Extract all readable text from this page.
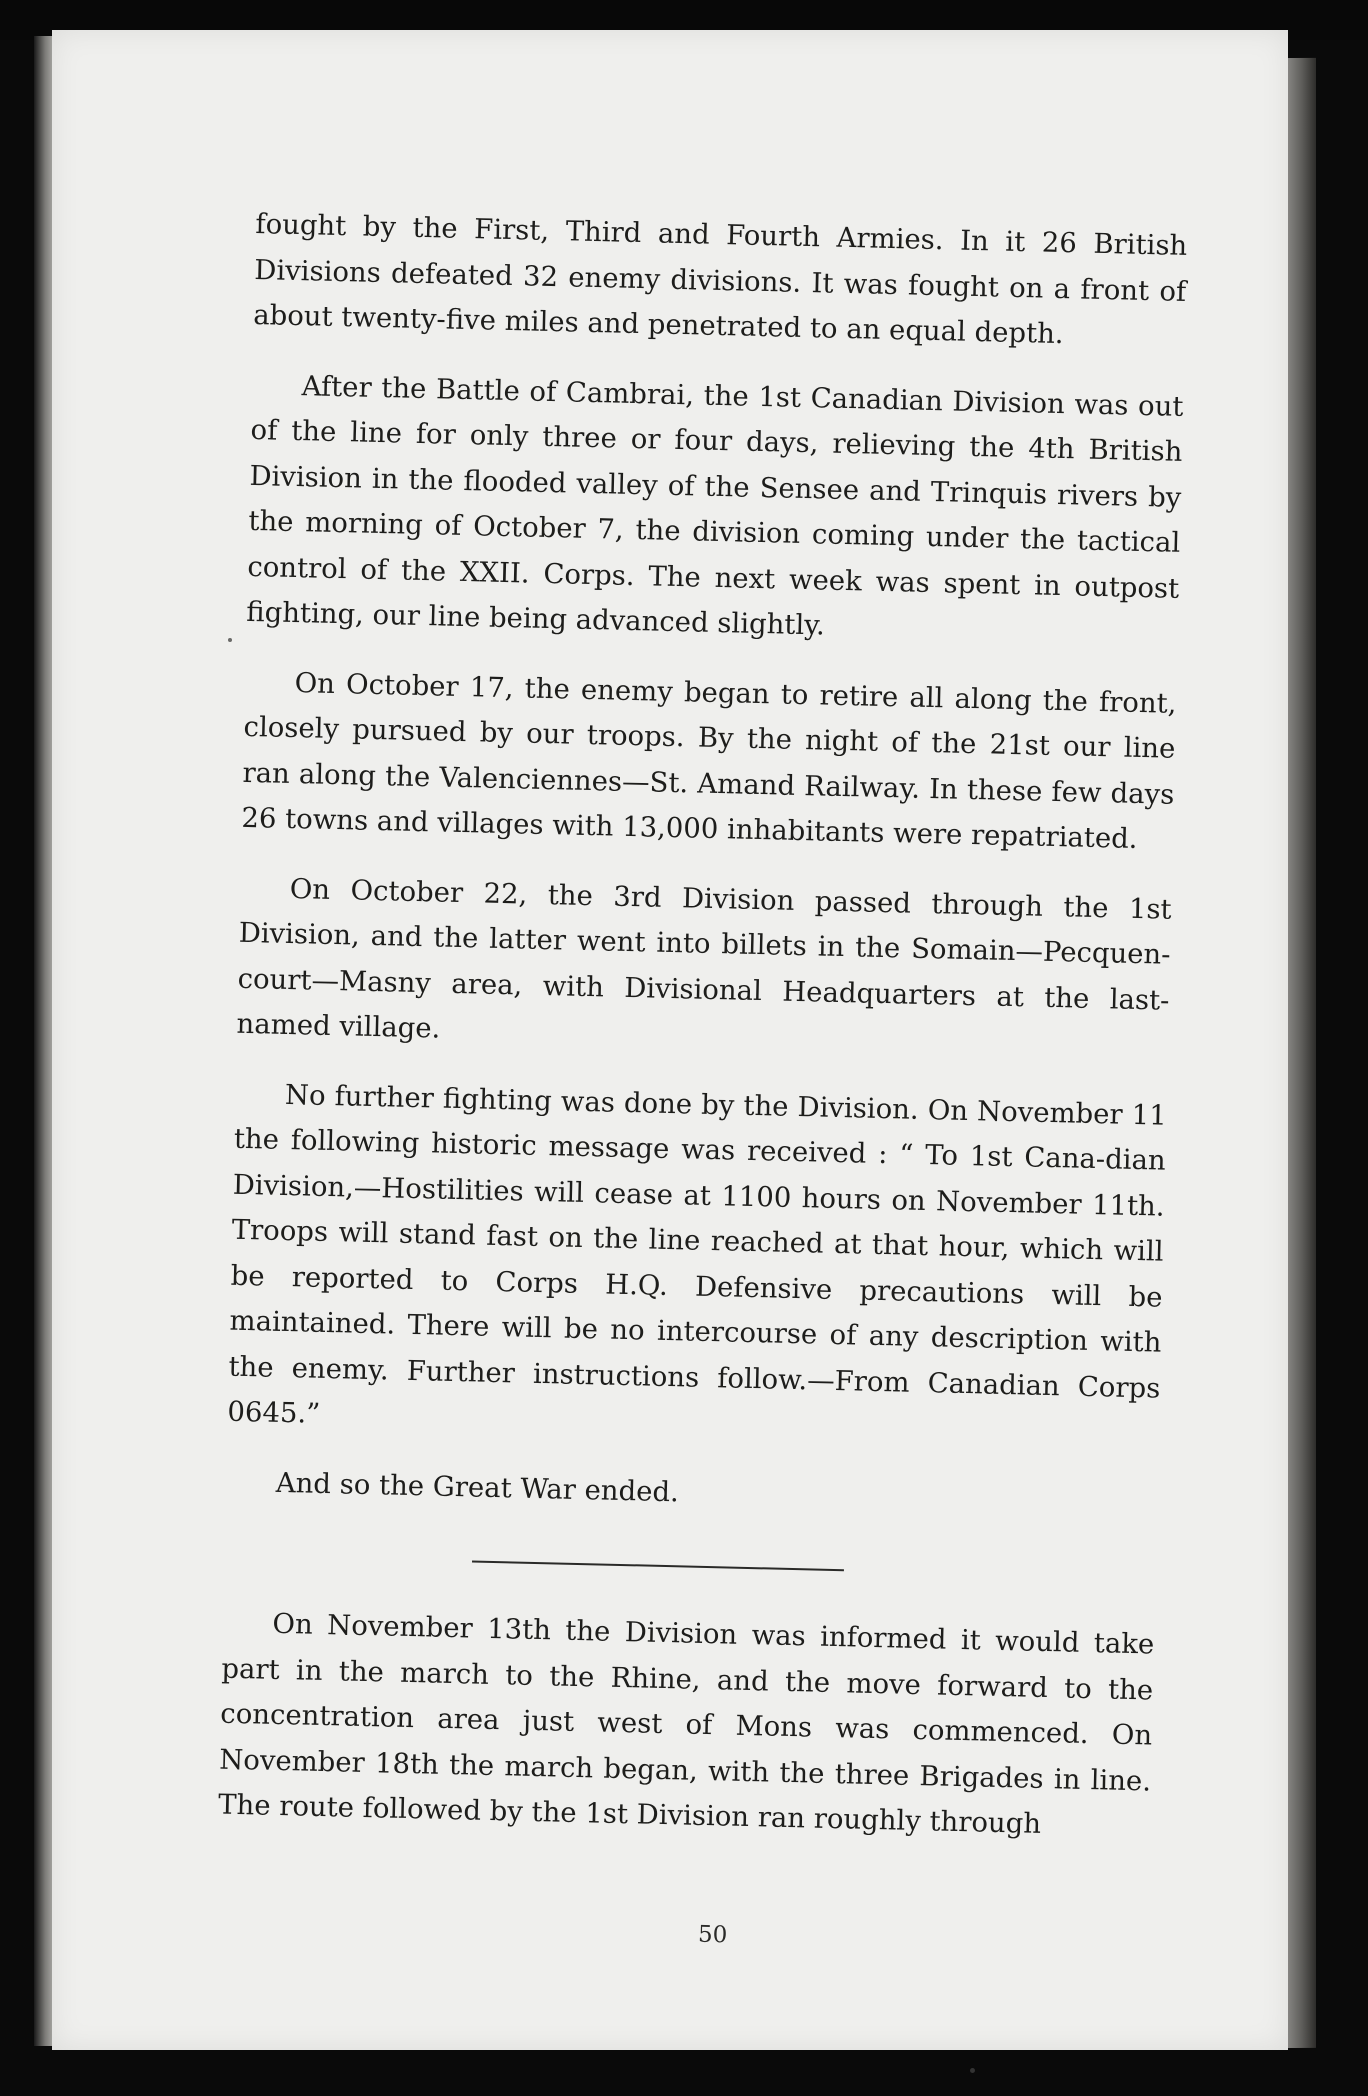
fought by the First, Third and Fourth Armies. In it 26 British Divisions defeated 32 enemy divisions. It was fought on a front of about twenty-five miles and penetrated to an equal depth.

After the Battle of Cambrai, the 1st Canadian Division was out of the line for only three or four days, relieving the 4th British Division in the flooded valley of the Sensee and Trinquis rivers by the morning of October 7, the division coming under the tactical control of the XXII. Corps. The next week was spent in outpost fighting, our line being advanced slightly.

On October 17, the enemy began to retire all along the front, closely pursued by our troops. By the night of the 21st our line ran along the Valenciennes—St. Amand Railway. In these few days 26 towns and villages with 13,000 inhabitants were repatriated.

On October 22, the 3rd Division passed through the 1st Division, and the latter went into billets in the Somain—Pecquen-court—Masny area, with Divisional Headquarters at the last-named village.

No further fighting was done by the Division. On November 11 the following historic message was received : “ To 1st Cana-dian Division,—Hostilities will cease at 1100 hours on November 11th. Troops will stand fast on the line reached at that hour, which will be reported to Corps H.Q. Defensive precautions will be maintained. There will be no intercourse of any description with the enemy. Further instructions follow.—From Canadian Corps 0645.”

And so the Great War ended.

On November 13th the Division was informed it would take part in the march to the Rhine, and the move forward to the concentration area just west of Mons was commenced. On November 18th the march began, with the three Brigades in line. The route followed by the 1st Division ran roughly through

50
